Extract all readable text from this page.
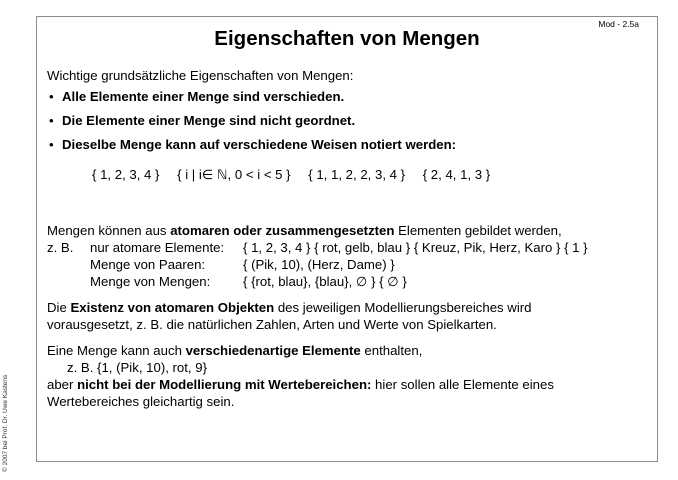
© 2007 bei Prof. Dr. Uwe Kastens
Mod - 2.5a
Eigenschaften von Mengen
Wichtige grundsätzliche Eigenschaften von Mengen:
• Alle Elemente einer Menge sind verschieden.
• Die Elemente einer Menge sind nicht geordnet.
• Dieselbe Menge kann auf verschiedene Weisen notiert werden:
{ 1, 2, 3, 4 } { i | i∈ ℕ, 0 < i < 5 } { 1, 1, 2, 2, 3, 4 } { 2, 4, 1, 3 }
Mengen können aus atomaren oder zusammengesetzten Elementen gebildet werden,
z. B.	nur atomare Elemente:	{ 1, 2, 3, 4 } { rot, gelb, blau } { Kreuz, Pik, Herz, Karo } { 1 }
Menge von Paaren:	{ (Pik, 10), (Herz, Dame) }
Menge von Mengen:	{ {rot, blau}, {blau}, ∅ } { ∅ }
Die Existenz von atomaren Objekten des jeweiligen Modellierungsbereiches wird
vorausgesetzt, z. B. die natürlichen Zahlen, Arten und Werte von Spielkarten.
Eine Menge kann auch verschiedenartige Elemente enthalten,
z. B. {1, (Pik, 10), rot, 9}
aber nicht bei der Modellierung mit Wertebereichen: hier sollen alle Elemente eines
Wertebereiches gleichartig sein.
